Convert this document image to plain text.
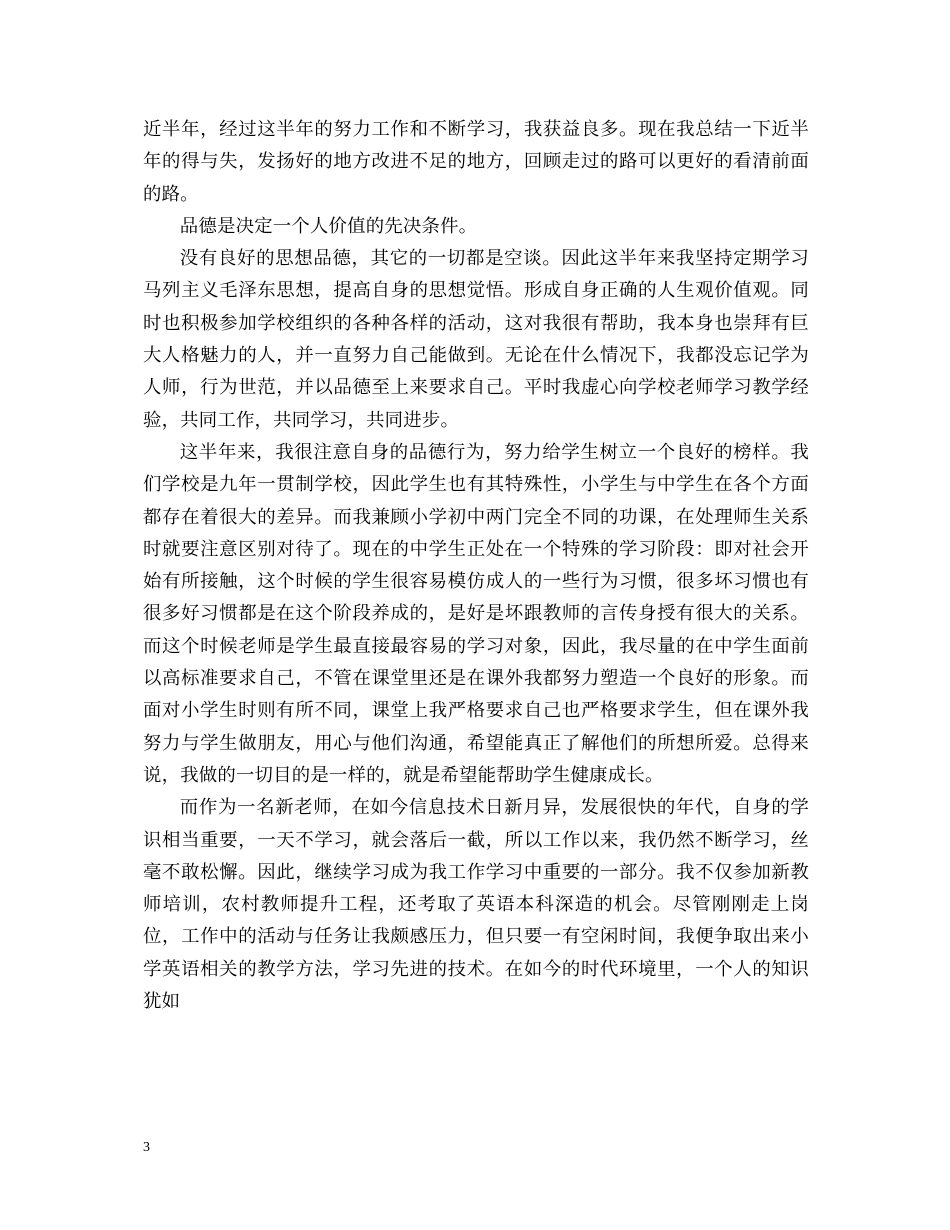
近半年，经过这半年的努力工作和不断学习，我获益良多。现在我总结一下近半年的得与失，发扬好的地方改进不足的地方，回顾走过的路可以更好的看清前面的路。

品德是决定一个人价值的先决条件。

没有良好的思想品德，其它的一切都是空谈。因此这半年来我坚持定期学习马列主义毛泽东思想，提高自身的思想觉悟。形成自身正确的人生观价值观。同时也积极参加学校组织的各种各样的活动，这对我很有帮助，我本身也崇拜有巨大人格魅力的人，并一直努力自己能做到。无论在什么情况下，我都没忘记学为人师，行为世范，并以品德至上来要求自己。平时我虚心向学校老师学习教学经验，共同工作，共同学习，共同进步。

这半年来，我很注意自身的品德行为，努力给学生树立一个良好的榜样。我们学校是九年一贯制学校，因此学生也有其特殊性，小学生与中学生在各个方面都存在着很大的差异。而我兼顾小学初中两门完全不同的功课，在处理师生关系时就要注意区别对待了。现在的中学生正处在一个特殊的学习阶段：即对社会开始有所接触，这个时候的学生很容易模仿成人的一些行为习惯，很多坏习惯也有很多好习惯都是在这个阶段养成的，是好是坏跟教师的言传身授有很大的关系。而这个时候老师是学生最直接最容易的学习对象，因此，我尽量的在中学生面前以高标准要求自己，不管在课堂里还是在课外我都努力塑造一个良好的形象。而面对小学生时则有所不同，课堂上我严格要求自己也严格要求学生，但在课外我努力与学生做朋友，用心与他们沟通，希望能真正了解他们的所想所爱。总得来说，我做的一切目的是一样的，就是希望能帮助学生健康成长。

而作为一名新老师，在如今信息技术日新月异，发展很快的年代，自身的学识相当重要，一天不学习，就会落后一截，所以工作以来，我仍然不断学习，丝毫不敢松懈。因此，继续学习成为我工作学习中重要的一部分。我不仅参加新教师培训，农村教师提升工程，还考取了英语本科深造的机会。尽管刚刚走上岗位，工作中的活动与任务让我颇感压力，但只要一有空闲时间，我便争取出来小学英语相关的教学方法，学习先进的技术。在如今的时代环境里，一个人的知识犹如

3
